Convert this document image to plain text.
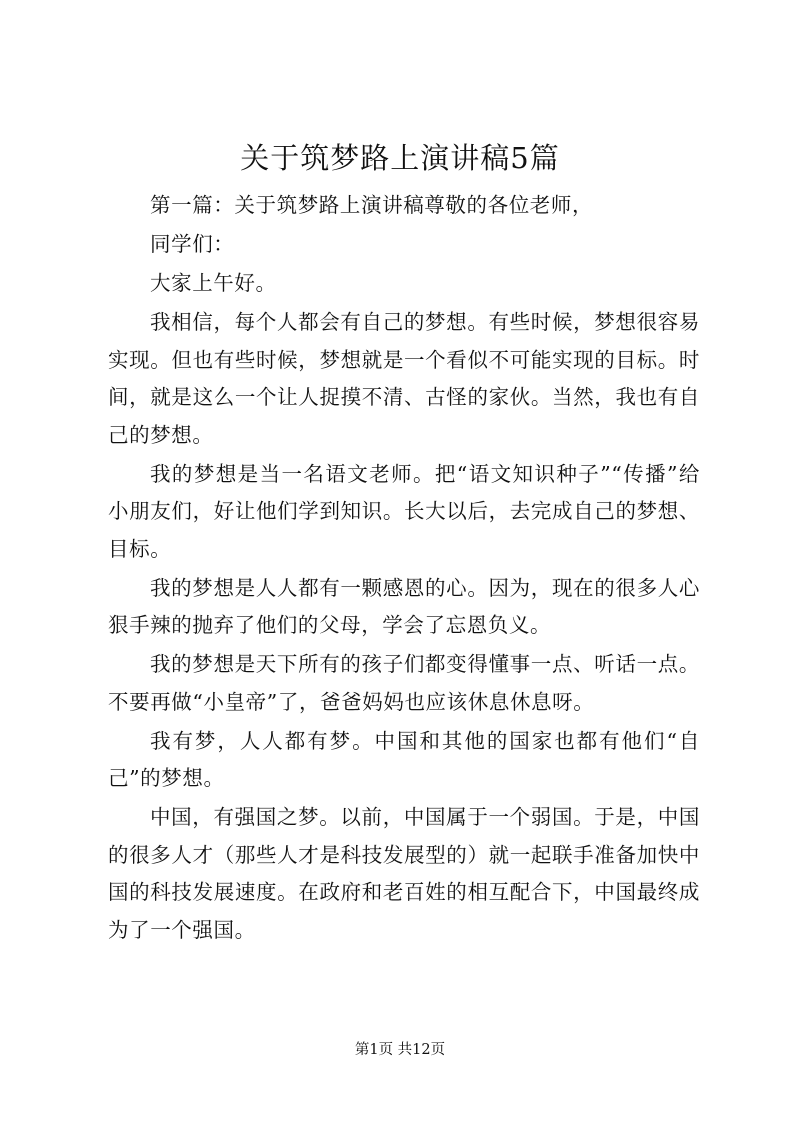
关于筑梦路上演讲稿5篇

第一篇：关于筑梦路上演讲稿尊敬的各位老师，

同学们：

大家上午好。

我相信，每个人都会有自己的梦想。有些时候，梦想很容易实现。但也有些时候，梦想就是一个看似不可能实现的目标。时间，就是这么一个让人捉摸不清、古怪的家伙。当然，我也有自己的梦想。

我的梦想是当一名语文老师。把“语文知识种子”“传播”给小朋友们，好让他们学到知识。长大以后，去完成自己的梦想、目标。

我的梦想是人人都有一颗感恩的心。因为，现在的很多人心狠手辣的抛弃了他们的父母，学会了忘恩负义。

我的梦想是天下所有的孩子们都变得懂事一点、听话一点。不要再做“小皇帝”了，爸爸妈妈也应该休息休息呀。

我有梦，人人都有梦。中国和其他的国家也都有他们“自己”的梦想。

中国，有强国之梦。以前，中国属于一个弱国。于是，中国的很多人才（那些人才是科技发展型的）就一起联手准备加快中国的科技发展速度。在政府和老百姓的相互配合下，中国最终成为了一个强国。

第1页 共12页
